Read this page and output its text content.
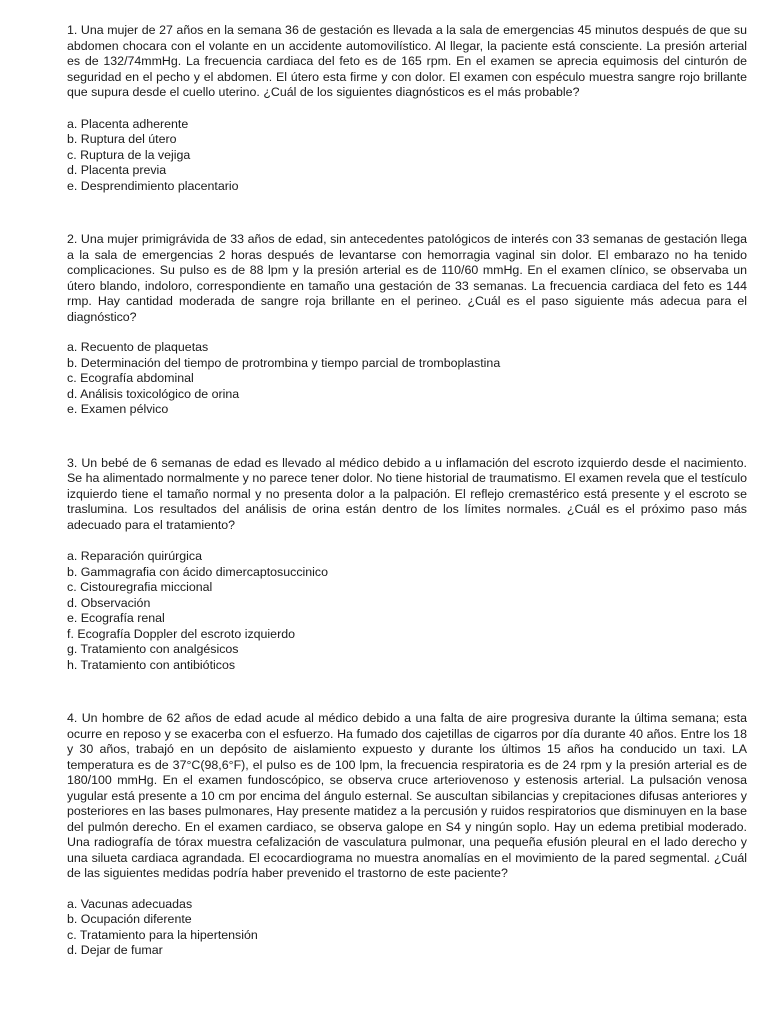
1. Una mujer de 27 años en la semana 36 de gestación es llevada a la sala de emergencias 45 minutos después de que su abdomen chocara con el volante en un accidente automovilístico. Al llegar, la paciente está consciente. La presión arterial es de 132/74mmHg. La frecuencia cardiaca del feto es de 165 rpm. En el examen se aprecia equimosis del cinturón de seguridad en el pecho y el abdomen. El útero esta firme y con dolor. El examen con espéculo muestra sangre rojo brillante que supura desde el cuello uterino. ¿Cuál de los siguientes diagnósticos es el más probable?

a. Placenta adherente
b. Ruptura del útero
c. Ruptura de la vejiga
d. Placenta previa
e. Desprendimiento placentario

2. Una mujer primigrávida de 33 años de edad, sin antecedentes patológicos de interés con 33 semanas de gestación llega a la sala de emergencias 2 horas después de levantarse con hemorragia vaginal sin dolor. El embarazo no ha tenido complicaciones. Su pulso es de 88 lpm y la presión arterial es de 110/60 mmHg. En el examen clínico, se observaba un útero blando, indoloro, correspondiente en tamaño una gestación de 33 semanas. La frecuencia cardiaca del feto es 144 rmp. Hay cantidad moderada de sangre roja brillante en el perineo. ¿Cuál es el paso siguiente más adecua para el diagnóstico?

a. Recuento de plaquetas
b. Determinación del tiempo de protrombina y tiempo parcial de tromboplastina
c. Ecografía abdominal
d. Análisis toxicológico de orina
e. Examen pélvico

3. Un bebé de 6 semanas de edad es llevado al médico debido a u inflamación del escroto izquierdo desde el nacimiento. Se ha alimentado normalmente y no parece tener dolor. No tiene historial de traumatismo. El examen revela que el testículo izquierdo tiene el tamaño normal y no presenta dolor a la palpación. El reflejo cremastérico está presente y el escroto se traslumina. Los resultados del análisis de orina están dentro de los límites normales. ¿Cuál es el próximo paso más adecuado para el tratamiento?

a. Reparación quirúrgica
b. Gammagrafia con ácido dimercaptosuccinico
c. Cistouregrafia miccional
d. Observación
e. Ecografía renal
f. Ecografía Doppler del escroto izquierdo
g. Tratamiento con analgésicos
h. Tratamiento con antibióticos

4. Un hombre de 62 años de edad acude al médico debido a una falta de aire progresiva durante la última semana; esta ocurre en reposo y se exacerba con el esfuerzo. Ha fumado dos cajetillas de cigarros por día durante 40 años. Entre los 18 y 30 años, trabajó en un depósito de aislamiento expuesto y durante los últimos 15 años ha conducido un taxi. LA temperatura es de 37°C(98,6°F), el pulso es de 100 lpm, la frecuencia respiratoria es de 24 rpm y la presión arterial es de 180/100 mmHg. En el examen fundoscópico, se observa cruce arteriovenoso y estenosis arterial. La pulsación venosa yugular está presente a 10 cm por encima del ángulo esternal. Se auscultan sibilancias y crepitaciones difusas anteriores y posteriores en las bases pulmonares, Hay presente matidez a la percusión y ruidos respiratorios que disminuyen en la base del pulmón derecho. En el examen cardiaco, se observa galope en S4 y ningún soplo. Hay un edema pretibial moderado. Una radiografía de tórax muestra cefalización de vasculatura pulmonar, una pequeña efusión pleural en el lado derecho y una silueta cardiaca agrandada. El ecocardiograma no muestra anomalías en el movimiento de la pared segmental. ¿Cuál de las siguientes medidas podría haber prevenido el trastorno de este paciente?

a. Vacunas adecuadas
b. Ocupación diferente
c. Tratamiento para la hipertensión
d. Dejar de fumar
